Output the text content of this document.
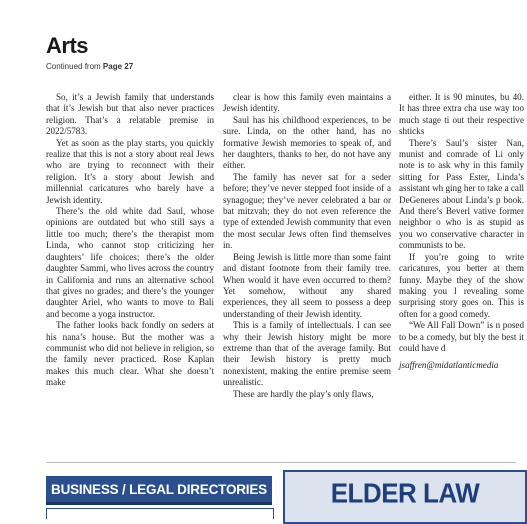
Arts
Continued from Page 27

So, it’s a Jewish family that understands that it’s Jewish but that also never practices religion. That’s a relatable premise in 2022/5783.

Yet as soon as the play starts, you quickly realize that this is not a story about real Jews who are trying to reconnect with their religion. It’s a story about Jewish and millennial caricatures who barely have a Jewish identity.

There’s the old white dad Saul, whose opinions are outdated but who still says a little too much; there’s the therapist mom Linda, who cannot stop criticizing her daughters’ life choices; there’s the older daughter Sammi, who lives across the country in California and runs an alternative school that gives no grades; and there’s the younger daughter Ariel, who wants to move to Bali and become a yoga instructor.

The father looks back fondly on seders at his nana’s house. But the mother was a communist who did not believe in religion, so the family never practiced. Rose Kaplan makes this much clear. What she doesn’t make

clear is how this family even maintains a Jewish identity.

Saul has his childhood experiences, to be sure. Linda, on the other hand, has no formative Jewish memories to speak of, and her daughters, thanks to her, do not have any either.

The family has never sat for a seder before; they’ve never stepped foot inside of a synagogue; they’ve never celebrated a bar or bat mitzvah; they do not even reference the type of extended Jewish community that even the most secular Jews often find themselves in.

Being Jewish is little more than some faint and distant footnote from their family tree. When would it have even occurred to them? Yet somehow, without any shared experiences, they all seem to possess a deep understanding of their Jewish identity.

This is a family of intellectuals. I can see why their Jewish history might be more extreme than that of the average family. But their Jewish history is pretty much nonexistent, making the entire premise seem unrealistic.

These are hardly the play’s only flaws,

either. It is 90 minutes, bu 40. It has three extra cha use way too much stage ti out their respective shticks

There’s Saul’s sister Nan, munist and comrade of Li only note is to ask why in this family sitting for Pass Ester, Linda’s assistant wh ging her to take a call DeGeneres about Linda’s p book. And there’s Beverl vative former neighbor o who is as stupid as you wo conservative character in communists to be.

If you’re going to write caricatures, you better at them funny. Maybe they of the show making you l revealing some surprising story goes on. This is often for a good comedy.

“We All Fall Down” is n posed to be a comedy, but bly the best it could have d

jsaffren@midatlanticmedia

BUSINESS / LEGAL DIRECTORIES	ELDER LAW
